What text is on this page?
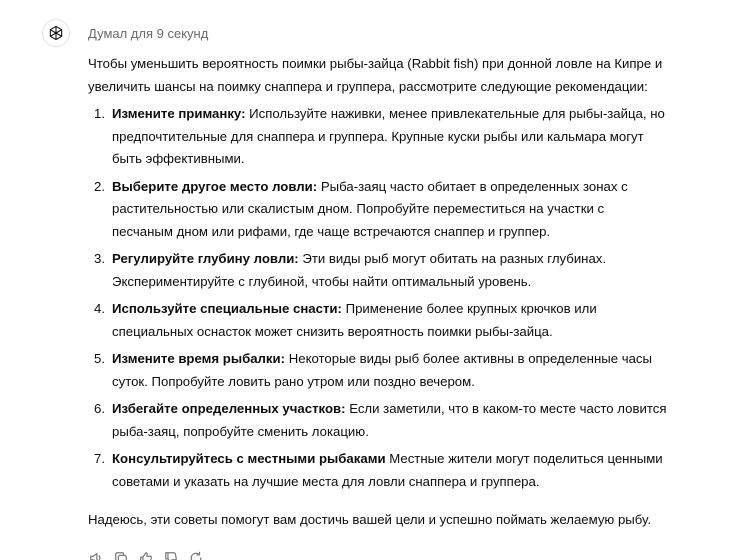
Думал для 9 секунд

Чтобы уменьшить вероятность поимки рыбы-зайца (Rabbit fish) при донной ловле на Кипре и увеличить шансы на поимку снаппера и группера, рассмотрите следующие рекомендации:

1. Измените приманку: Используйте наживки, менее привлекательные для рыбы-зайца, но предпочтительные для снаппера и группера. Крупные куски рыбы или кальмара могут быть эффективными.
2. Выберите другое место ловли: Рыба-заяц часто обитает в определенных зонах с растительностью или скалистым дном. Попробуйте переместиться на участки с песчаным дном или рифами, где чаще встречаются снаппер и группер.
3. Регулируйте глубину ловли: Эти виды рыб могут обитать на разных глубинах. Экспериментируйте с глубиной, чтобы найти оптимальный уровень.
4. Используйте специальные снасти: Применение более крупных крючков или специальных оснасток может снизить вероятность поимки рыбы-зайца.
5. Измените время рыбалки: Некоторые виды рыб более активны в определенные часы суток. Попробуйте ловить рано утром или поздно вечером.
6. Избегайте определенных участков: Если заметили, что в каком-то месте часто ловится рыба-заяц, попробуйте сменить локацию.
7. Консультируйтесь с местными рыбаками Местные жители могут поделиться ценными советами и указать на лучшие места для ловли снаппера и группера.

Надеюсь, эти советы помогут вам достичь вашей цели и успешно поймать желаемую рыбу.
